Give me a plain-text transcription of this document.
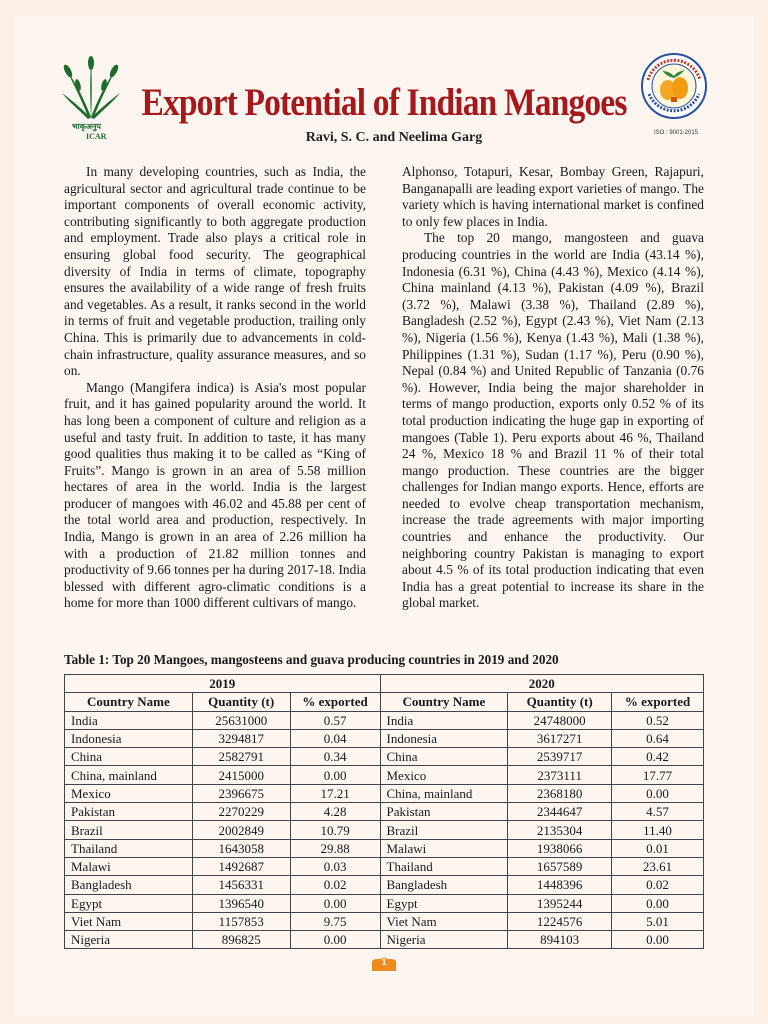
भाकृअनुप
ICAR	ISO : 9001-2015
Export Potential of Indian Mangoes
Ravi, S. C. and Neelima Garg

In many developing countries, such as India, the agricultural sector and agricultural trade continue to be important components of overall economic activity, contributing significantly to both aggregate production and employment. Trade also plays a critical role in ensuring global food security. The geographical diversity of India in terms of climate, topography ensures the availability of a wide range of fresh fruits and vegetables. As a result, it ranks second in the world in terms of fruit and vegetable production, trailing only China. This is primarily due to advancements in cold-chain infrastructure, quality assurance measures, and so on.

Mango (Mangifera indica) is Asia's most popular fruit, and it has gained popularity around the world. It has long been a component of culture and religion as a useful and tasty fruit. In addition to taste, it has many good qualities thus making it to be called as “King of Fruits”. Mango is grown in an area of 5.58 million hectares of area in the world. India is the largest producer of mangoes with 46.02 and 45.88 per cent of the total world area and production, respectively. In India, Mango is grown in an area of 2.26 million ha with a production of 21.82 million tonnes and productivity of 9.66 tonnes per ha during 2017-18. India blessed with different agro-climatic conditions is a home for more than 1000 different cultivars of mango.

Alphonso, Totapuri, Kesar, Bombay Green, Rajapuri, Banganapalli are leading export varieties of mango. The variety which is having international market is confined to only few places in India.

The top 20 mango, mangosteen and guava producing countries in the world are India (43.14 %), Indonesia (6.31 %), China (4.43 %), Mexico (4.14 %), China mainland (4.13 %), Pakistan (4.09 %), Brazil (3.72 %), Malawi (3.38 %), Thailand (2.89 %), Bangladesh (2.52 %), Egypt (2.43 %), Viet Nam (2.13 %), Nigeria (1.56 %), Kenya (1.43 %), Mali (1.38 %), Philippines (1.31 %), Sudan (1.17 %), Peru (0.90 %), Nepal (0.84 %) and United Republic of Tanzania (0.76 %). However, India being the major shareholder in terms of mango production, exports only 0.52 % of its total production indicating the huge gap in exporting of mangoes (Table 1). Peru exports about 46 %, Thailand 24 %, Mexico 18 % and Brazil 11 % of their total mango production. These countries are the bigger challenges for Indian mango exports. Hence, efforts are needed to evolve cheap transportation mechanism, increase the trade agreements with major importing countries and enhance the productivity. Our neighboring country Pakistan is managing to export about 4.5 % of its total production indicating that even India has a great potential to increase its share in the global market.

Table 1: Top 20 Mangoes, mangosteens and guava producing countries in 2019 and 2020
2019			2020		
Country Name	Quantity (t)	% exported	Country Name	Quantity (t)	% exported
India	25631000	0.57	India	24748000	0.52
Indonesia	3294817	0.04	Indonesia	3617271	0.64
China	2582791	0.34	China	2539717	0.42
China, mainland	2415000	0.00	Mexico	2373111	17.77
Mexico	2396675	17.21	China, mainland	2368180	0.00
Pakistan	2270229	4.28	Pakistan	2344647	4.57
Brazil	2002849	10.79	Brazil	2135304	11.40
Thailand	1643058	29.88	Malawi	1938066	0.01
Malawi	1492687	0.03	Thailand	1657589	23.61
Bangladesh	1456331	0.02	Bangladesh	1448396	0.02
Egypt	1396540	0.00	Egypt	1395244	0.00
Viet Nam	1157853	9.75	Viet Nam	1224576	5.01
Nigeria	896825	0.00	Nigeria	894103	0.00
1
